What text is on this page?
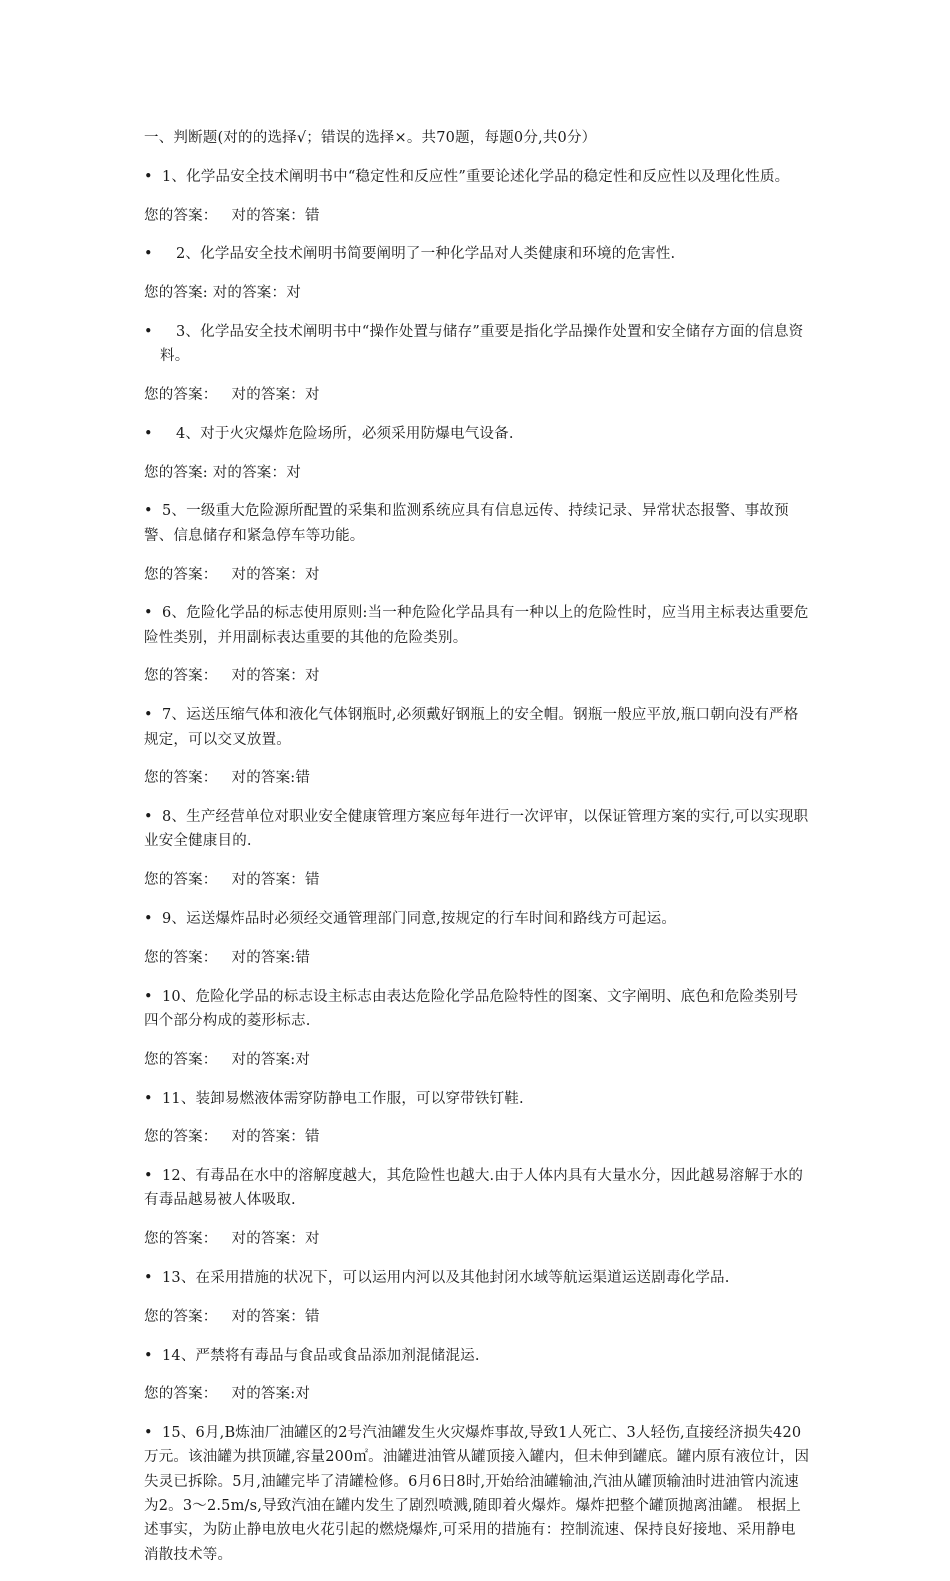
一、判断题(对的的选择√；错误的选择×。共70题，每题0分,共0分）

• 1、化学品安全技术阐明书中“稳定性和反应性”重要论述化学品的稳定性和反应性以及理化性质。

您的答案： 对的答案：错

•	2、化学品安全技术阐明书简要阐明了一种化学品对人类健康和环境的危害性.

您的答案: 对的答案：对

•	3、化学品安全技术阐明书中“操作处置与储存”重要是指化学品操作处置和安全储存方面的信息资料。

您的答案： 对的答案：对

•	4、对于火灾爆炸危险场所，必须采用防爆电气设备.

您的答案: 对的答案：对

• 5、一级重大危险源所配置的采集和监测系统应具有信息远传、持续记录、异常状态报警、事故预警、信息储存和紧急停车等功能。

您的答案： 对的答案：对

• 6、危险化学品的标志使用原则:当一种危险化学品具有一种以上的危险性时，应当用主标表达重要危险性类别，并用副标表达重要的其他的危险类别。

您的答案： 对的答案：对

• 7、运送压缩气体和液化气体钢瓶时,必须戴好钢瓶上的安全帽。钢瓶一般应平放,瓶口朝向没有严格规定，可以交叉放置。

您的答案： 对的答案:错

• 8、生产经营单位对职业安全健康管理方案应每年进行一次评审，以保证管理方案的实行,可以实现职业安全健康目的.

您的答案： 对的答案：错

• 9、运送爆炸品时必须经交通管理部门同意,按规定的行车时间和路线方可起运。

您的答案： 对的答案:错

• 10、危险化学品的标志设主标志由表达危险化学品危险特性的图案、文字阐明、底色和危险类别号四个部分构成的菱形标志.

您的答案： 对的答案:对

• 11、装卸易燃液体需穿防静电工作服，可以穿带铁钉鞋.

您的答案： 对的答案：错

• 12、有毒品在水中的溶解度越大，其危险性也越大.由于人体内具有大量水分，因此越易溶解于水的有毒品越易被人体吸取.

您的答案： 对的答案：对

• 13、在采用措施的状况下，可以运用内河以及其他封闭水域等航运渠道运送剧毒化学品.

您的答案： 对的答案：错

• 14、严禁将有毒品与食品或食品添加剂混储混运.

您的答案： 对的答案:对

• 15、6月,B炼油厂油罐区的2号汽油罐发生火灾爆炸事故,导致1人死亡、3人轻伤,直接经济损失420万元。该油罐为拱顶罐,容量200㎡。油罐进油管从罐顶接入罐内，但未伸到罐底。罐内原有液位计，因失灵已拆除。5月,油罐完毕了清罐检修。6月6日8时,开始给油罐输油,汽油从罐顶输油时进油管内流速为2。3～2.5m/s,导致汽油在罐内发生了剧烈喷溅,随即着火爆炸。爆炸把整个罐顶抛离油罐。 根据上述事实，为防止静电放电火花引起的燃烧爆炸,可采用的措施有：控制流速、保持良好接地、采用静电消散技术等。
